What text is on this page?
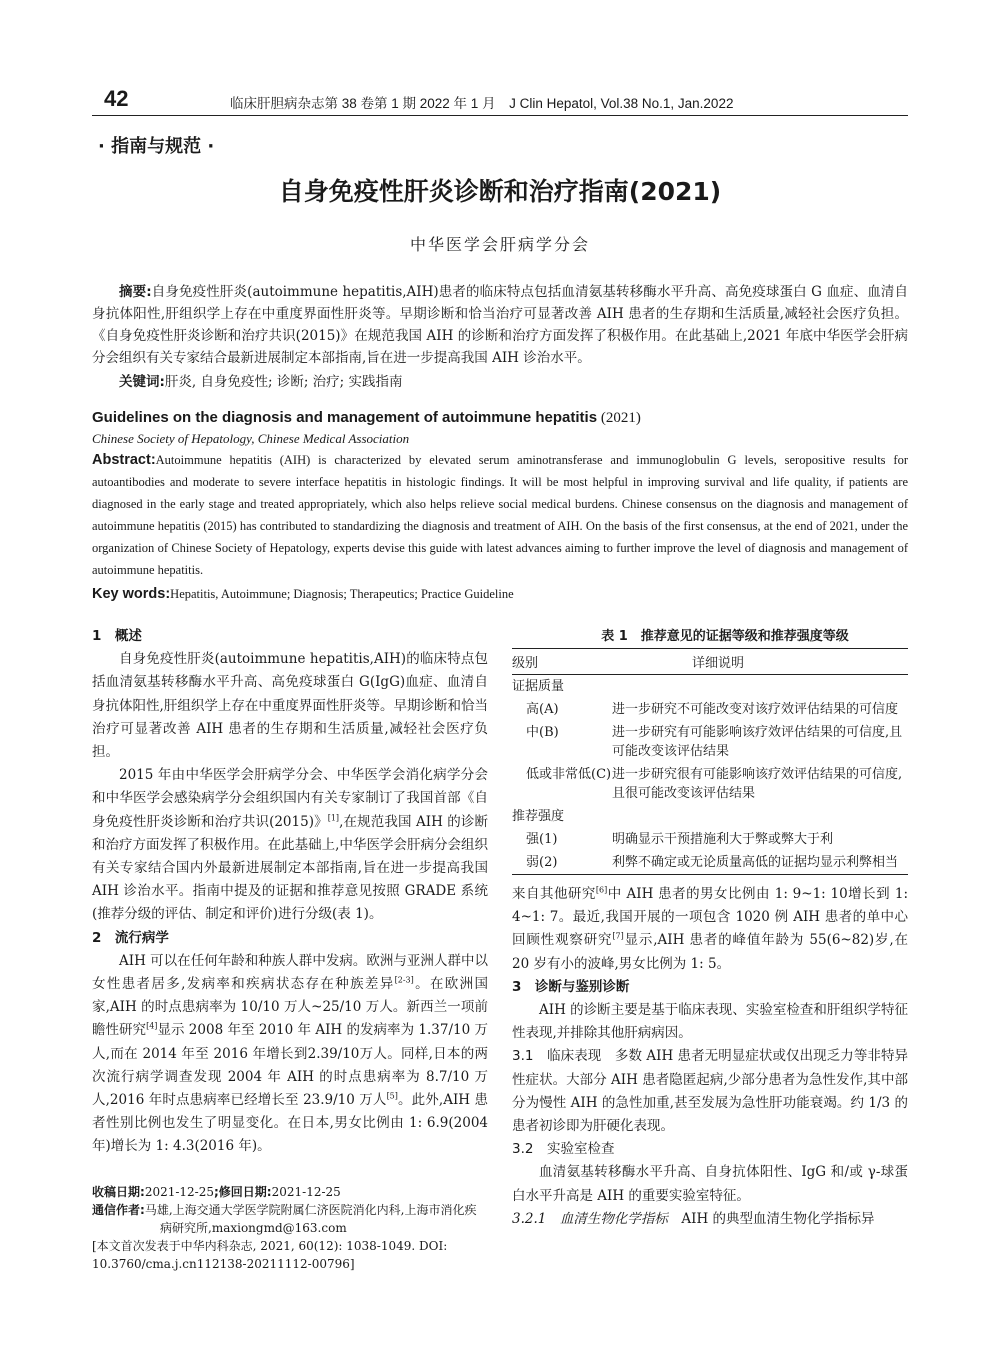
42	临床肝胆病杂志第 38 卷第 1 期 2022 年 1 月　J Clin Hepatol, Vol.38 No.1, Jan.2022
· 指南与规范 ·
自身免疫性肝炎诊断和治疗指南(2021)
中华医学会肝病学分会
摘要:自身免疫性肝炎(autoimmune hepatitis,AIH)患者的临床特点包括血清氨基转移酶水平升高、高免疫球蛋白 G 血症、血清自身抗体阳性,肝组织学上存在中重度界面性肝炎等。早期诊断和恰当治疗可显著改善 AIH 患者的生存期和生活质量,减轻社会医疗负担。《自身免疫性肝炎诊断和治疗共识(2015)》在规范我国 AIH 的诊断和治疗方面发挥了积极作用。在此基础上,2021 年底中华医学会肝病分会组织有关专家结合最新进展制定本部指南,旨在进一步提高我国 AIH 诊治水平。
关键词:肝炎, 自身免疫性; 诊断; 治疗; 实践指南
Guidelines on the diagnosis and management of autoimmune hepatitis (2021)
Chinese Society of Hepatology, Chinese Medical Association
Abstract:Autoimmune hepatitis (AIH) is characterized by elevated serum aminotransferase and immunoglobulin G levels, seropositive results for autoantibodies and moderate to severe interface hepatitis in histologic findings. It will be most helpful in improving survival and life quality, if patients are diagnosed in the early stage and treated appropriately, which also helps relieve social medical burdens. Chinese consensus on the diagnosis and management of autoimmune hepatitis (2015) has contributed to standardizing the diagnosis and treatment of AIH. On the basis of the first consensus, at the end of 2021, under the organization of Chinese Society of Hepatology, experts devise this guide with latest advances aiming to further improve the level of diagnosis and management of autoimmune hepatitis.
Key words:Hepatitis, Autoimmune; Diagnosis; Therapeutics; Practice Guideline
1　概述

自身免疫性肝炎(autoimmune hepatitis,AIH)的临床特点包括血清氨基转移酶水平升高、高免疫球蛋白 G(IgG)血症、血清自身抗体阳性,肝组织学上存在中重度界面性肝炎等。早期诊断和恰当治疗可显著改善 AIH 患者的生存期和生活质量,减轻社会医疗负担。

2015 年由中华医学会肝病学分会、中华医学会消化病学分会和中华医学会感染病学分会组织国内有关专家制订了我国首部《自身免疫性肝炎诊断和治疗共识(2015)》[1],在规范我国 AIH 的诊断和治疗方面发挥了积极作用。在此基础上,中华医学会肝病分会组织有关专家结合国内外最新进展制定本部指南,旨在进一步提高我国 AIH 诊治水平。指南中提及的证据和推荐意见按照 GRADE 系统(推荐分级的评估、制定和评价)进行分级(表 1)。

2　流行病学

AIH 可以在任何年龄和种族人群中发病。欧洲与亚洲人群中以女性患者居多,发病率和疾病状态存在种族差异[2-3]。在欧洲国家,AIH 的时点患病率为 10/10 万人~25/10 万人。新西兰一项前瞻性研究[4]显示 2008 年至 2010 年 AIH 的发病率为 1.37/10 万人,而在 2014 年至 2016 年增长到2.39/10万人。同样,日本的两次流行病学调查发现 2004 年 AIH 的时点患病率为 8.7/10 万人,2016 年时点患病率已经增长至 23.9/10 万人[5]。此外,AIH 患者性别比例也发生了明显变化。在日本,男女比例由 1: 6.9(2004 年)增长为 1: 4.3(2016 年)。

收稿日期:2021-12-25;修回日期:2021-12-25
通信作者:马雄,上海交通大学医学院附属仁济医院消化内科,上海市消化疾病研究所,maxiongmd@163.com
[本文首次发表于中华内科杂志, 2021, 60(12): 1038-1049. DOI: 10.3760/cma.j.cn112138-20211112-00796]
表 1　推荐意见的证据等级和推荐强度等级
级别	详细说明
证据质量	
高(A)	进一步研究不可能改变对该疗效评估结果的可信度
中(B)	进一步研究有可能影响该疗效评估结果的可信度,且可能改变该评估结果
低或非常低(C)	进一步研究很有可能影响该疗效评估结果的可信度,且很可能改变该评估结果
推荐强度	
强(1)	明确显示干预措施利大于弊或弊大于利
弱(2)	利弊不确定或无论质量高低的证据均显示利弊相当

来自其他研究[6]中 AIH 患者的男女比例由 1: 9~1: 10增长到 1: 4~1: 7。最近,我国开展的一项包含 1020 例 AIH 患者的单中心回顾性观察研究[7]显示,AIH 患者的峰值年龄为 55(6~82)岁,在 20 岁有小的波峰,男女比例为 1: 5。

3　诊断与鉴别诊断

AIH 的诊断主要是基于临床表现、实验室检查和肝组织学特征性表现,并排除其他肝病病因。

3.1　临床表现　 多数 AIH 患者无明显症状或仅出现乏力等非特异性症状。大部分 AIH 患者隐匿起病,少部分患者为急性发作,其中部分为慢性 AIH 的急性加重,甚至发展为急性肝功能衰竭。约 1/3 的患者初诊即为肝硬化表现。

3.2　实验室检查

血清氨基转移酶水平升高、自身抗体阳性、IgG 和/或 γ-球蛋白水平升高是 AIH 的重要实验室特征。

3.2.1　血清生物化学指标　 AIH 的典型血清生物化学指标异
